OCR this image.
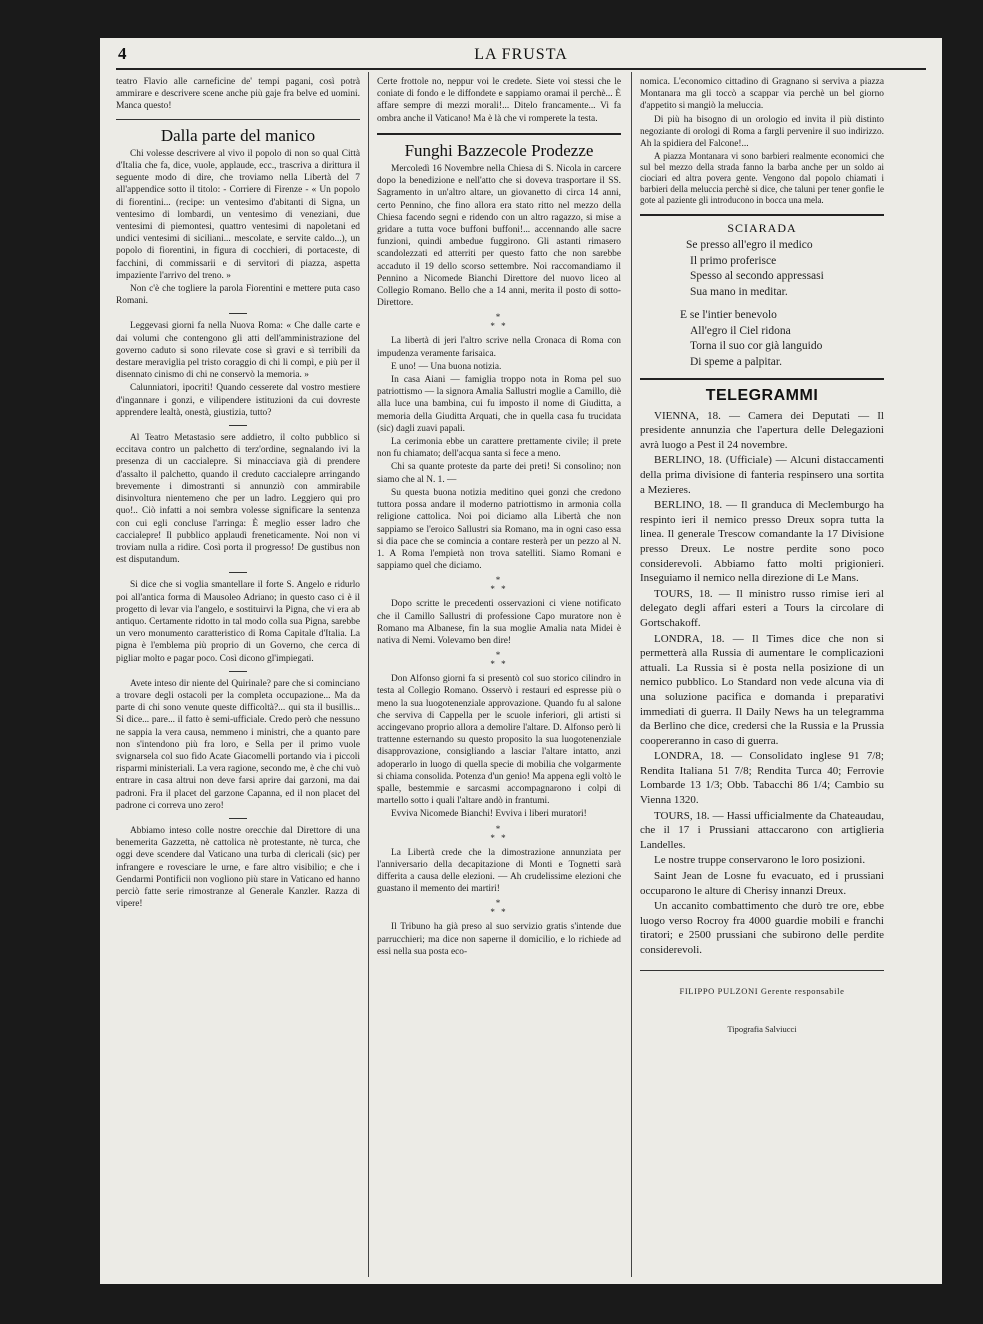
4	LA FRUSTA

teatro Flavio alle carneficine de' tempi pagani, così potrà ammirare e descrivere scene anche più gaje fra belve ed uomini. Manca questo!

Dalla parte del manico

Chi volesse descrivere al vivo il popolo di non so qual Città d'Italia che fa, dice, vuole, applaude, ecc., trascriva a dirittura il seguente modo di dire, che troviamo nella Libertà del 7 all'appendice sotto il titolo: - Corriere di Firenze - « Un popolo di fiorentini... (recipe: un ventesimo d'abitanti di Signa, un ventesimo di lombardi, un ventesimo di veneziani, due ventesimi di piemontesi, quattro ventesimi di napoletani ed undici ventesimi di siciliani... mescolate, e servite caldo...), un popolo di fiorentini, in figura di cocchieri, di portaceste, di facchini, di commissarii e di servitori di piazza, aspetta impaziente l'arrivo del treno. »

Non c'è che togliere la parola Fiorentini e mettere puta caso Romani.

Leggevasi giorni fa nella Nuova Roma: « Che dalle carte e dai volumi che contengono gli atti dell'amministrazione del governo caduto si sono rilevate cose sì gravi e sì terribili da destare meraviglia pel tristo coraggio di chi li compì, e più per il disennato cinismo di chi ne conservò la memoria. »

Calunniatori, ipocriti! Quando cesserete dal vostro mestiere d'ingannare i gonzi, e vilipendere istituzioni da cui dovreste apprendere lealtà, onestà, giustizia, tutto?

Al Teatro Metastasio sere addietro, il colto pubblico si eccitava contro un palchetto di terz'ordine, segnalando ivi la presenza di un caccialepre. Si minacciava già di prendere d'assalto il palchetto, quando il creduto caccialepre arringando brevemente i dimostranti si annunziò con ammirabile disinvoltura nientemeno che per un ladro. Leggiero qui pro quo!.. Ciò infatti a noi sembra volesse significare la sentenza con cui egli concluse l'arringa: È meglio esser ladro che caccialepre! Il pubblico applaudì freneticamente. Noi non vi troviam nulla a ridire. Così porta il progresso! De gustibus non est disputandum.

Si dice che si voglia smantellare il forte S. Angelo e ridurlo poi all'antica forma di Mausoleo Adriano; in questo caso ci è il progetto di levar via l'angelo, e sostituirvi la Pigna, che vi era ab antiquo. Certamente ridotto in tal modo colla sua Pigna, sarebbe un vero monumento caratteristico di Roma Capitale d'Italia. La pigna è l'emblema più proprio di un Governo, che cerca di pigliar molto e pagar poco. Così dicono gl'impiegati.

Avete inteso dir niente del Quirinale? pare che si cominciano a trovare degli ostacoli per la completa occupazione... Ma da parte di chi sono venute queste difficoltà?... qui sta il busillis... Si dice... pare... il fatto è semi-ufficiale. Credo però che nessuno ne sappia la vera causa, nemmeno i ministri, che a quanto pare non s'intendono più fra loro, e Sella per il primo vuole svignarsela col suo fido Acate Giacomelli portando via i piccoli risparmi ministeriali. La vera ragione, secondo me, è che chi vuò entrare in casa altrui non deve farsi aprire dai garzoni, ma dai padroni. Fra il placet del garzone Capanna, ed il non placet del padrone ci correva uno zero!

Abbiamo inteso colle nostre orecchie dal Direttore di una benemerita Gazzetta, nè cattolica nè protestante, nè turca, che oggi deve scendere dal Vaticano una turba di clericali (sic) per infrangere e rovesciare le urne, e fare altro visibilio; e che i Gendarmi Pontificii non vogliono più stare in Vaticano ed hanno perciò fatte serie rimostranze al Generale Kanzler. Razza di vipere!

Certe frottole no, neppur voi le credete. Siete voi stessi che le coniate di fondo e le diffondete e sappiamo oramai il perchè... È affare sempre di mezzi morali!... Ditelo francamente... Vi fa ombra anche il Vaticano! Ma è là che vi romperete la testa.

Funghi Bazzecole Prodezze

Mercoledì 16 Novembre nella Chiesa di S. Nicola in carcere dopo la benedizione e nell'atto che si doveva trasportare il SS. Sagramento in un'altro altare, un giovanetto di circa 14 anni, certo Pennino, che fino allora era stato ritto nel mezzo della Chiesa facendo segni e ridendo con un altro ragazzo, si mise a gridare a tutta voce buffoni buffoni!... accennando alle sacre funzioni, quindi ambedue fuggirono. Gli astanti rimasero scandolezzati ed atterriti per questo fatto che non sarebbe accaduto il 19 dello scorso settembre. Noi raccomandiamo il Pennino a Nicomede Bianchi Direttore del nuovo liceo al Collegio Romano. Bello che a 14 anni, merita il posto di sotto-Direttore.

*
* *

La libertà di jeri l'altro scrive nella Cronaca di Roma con impudenza veramente farisaica.

E uno! — Una buona notizia.

In casa Aiani — famiglia troppo nota in Roma pel suo patriottismo — la signora Amalia Sallustri moglie a Camillo, diè alla luce una bambina, cui fu imposto il nome di Giuditta, a memoria della Giuditta Arquati, che in quella casa fu trucidata (sic) dagli zuavi papali.

La cerimonia ebbe un carattere prettamente civile; il prete non fu chiamato; dell'acqua santa si fece a meno.

Chi sa quante proteste da parte dei preti! Si consolino; non siamo che al N. 1. —

Su questa buona notizia meditino quei gonzi che credono tuttora possa andare il moderno patriottismo in armonia colla religione cattolica. Noi poi diciamo alla Libertà che non sappiamo se l'eroico Sallustri sia Romano, ma in ogni caso essa si dia pace che se comincia a contare resterà per un pezzo al N. 1. A Roma l'empietà non trova satelliti. Siamo Romani e sappiamo quel che diciamo.

*
* *

Dopo scritte le precedenti osservazioni ci viene notificato che il Camillo Sallustri di professione Capo muratore non è Romano ma Albanese, fin la sua moglie Amalia nata Midei è nativa di Nemi. Volevamo ben dire!

*
* *

Don Alfonso giorni fa si presentò col suo storico cilindro in testa al Collegio Romano. Osservò i restauri ed espresse più o meno la sua luogotenenziale approvazione. Quando fu al salone che serviva di Cappella per le scuole inferiori, gli artisti si accingevano proprio allora a demolire l'altare. D. Alfonso però li trattenne esternando su questo proposito la sua luogotenenziale disapprovazione, consigliando a lasciar l'altare intatto, anzi adoperarlo in luogo di quella specie di mobilia che volgarmente si chiama consolida. Potenza d'un genio! Ma appena egli voltò le spalle, bestemmie e sarcasmi accompagnarono i colpi di martello sotto i quali l'altare andò in frantumi.

Evviva Nicomede Bianchi! Evviva i liberi muratori!

*
* *

La Libertà crede che la dimostrazione annunziata per l'anniversario della decapitazione di Monti e Tognetti sarà differita a causa delle elezioni. — Ah crudelissime elezioni che guastano il memento dei martiri!

*
* *

Il Tribuno ha già preso al suo servizio gratis s'intende due parrucchieri; ma dice non saperne il domicilio, e lo richiede ad essi nella sua posta eco-

nomica. L'economico cittadino di Gragnano si serviva a piazza Montanara ma gli toccò a scappar via perchè un bel giorno d'appetito si mangiò la meluccia.

Di più ha bisogno di un orologio ed invita il più distinto negoziante di orologi di Roma a fargli pervenire il suo indirizzo. Ah la spidiera del Falcone!...

A piazza Montanara vi sono barbieri realmente economici che sul bel mezzo della strada fanno la barba anche per un soldo ai ciociari ed altra povera gente. Vengono dal popolo chiamati i barbieri della meluccia perchè si dice, che taluni per tener gonfie le gote al paziente gli introducono in bocca una mela.

SCIARADA
Se presso all'egro il medico
Il primo proferisce
Spesso al secondo appressasi
Sua mano in meditar.
E se l'intier benevolo
All'egro il Ciel ridona
Torna il suo cor già languido
Di speme a palpitar.
TELEGRAMMI

VIENNA, 18. — Camera dei Deputati — Il presidente annunzia che l'apertura delle Delegazioni avrà luogo a Pest il 24 novembre.

BERLINO, 18. (Ufficiale) — Alcuni distaccamenti della prima divisione di fanteria respinsero una sortita a Mezieres.

BERLINO, 18. — Il granduca di Meclemburgo ha respinto ieri il nemico presso Dreux sopra tutta la linea. Il generale Trescow comandante la 17 Divisione presso Dreux. Le nostre perdite sono poco considerevoli. Abbiamo fatto molti prigionieri. Inseguiamo il nemico nella direzione di Le Mans.

TOURS, 18. — Il ministro russo rimise ieri al delegato degli affari esteri a Tours la circolare di Gortschakoff.

LONDRA, 18. — Il Times dice che non si permetterà alla Russia di aumentare le complicazioni attuali. La Russia si è posta nella posizione di un nemico pubblico. Lo Standard non vede alcuna via di una soluzione pacifica e domanda i preparativi immediati di guerra. Il Daily News ha un telegramma da Berlino che dice, credersi che la Russia e la Prussia coopereranno in caso di guerra.

LONDRA, 18. — Consolidato inglese 91 7/8; Rendita Italiana 51 7/8; Rendita Turca 40; Ferrovie Lombarde 13 1/3; Obb. Tabacchi 86 1/4; Cambio su Vienna 1320.

TOURS, 18. — Hassi ufficialmente da Chateaudau, che il 17 i Prussiani attaccarono con artiglieria Landelles.

Le nostre truppe conservarono le loro posizioni.

Saint Jean de Losne fu evacuato, ed i prussiani occuparono le alture di Cherisy innanzi Dreux.

Un accanito combattimento che durò tre ore, ebbe luogo verso Rocroy fra 4000 guardie mobili e franchi tiratori; e 2500 prussiani che subirono delle perdite considerevoli.

FILIPPO PULZONI Gerente responsabile
Tipografia Salviucci
